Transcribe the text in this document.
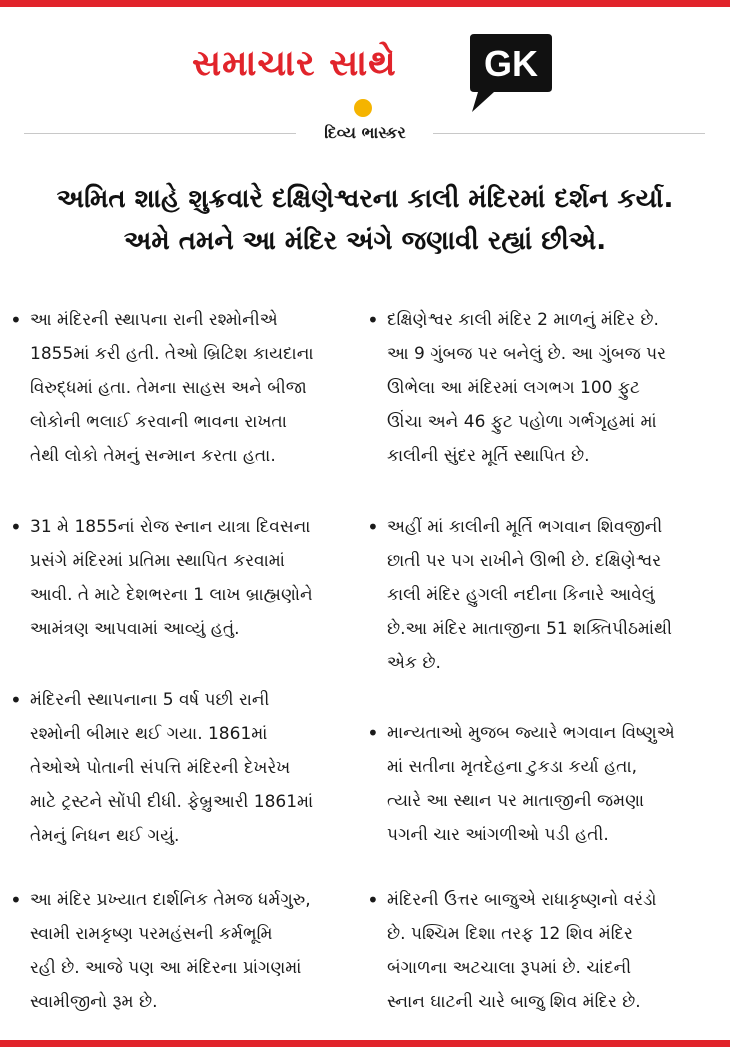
સમાચાર સાથે	GK
દિવ્ય ભાસ્કર
અમિત શાહે શુક્રવારે દક્ષિણેશ્વરના કાલી મંદિરમાં દર્શન કર્યા.
અમે તમને આ મંદિર અંગે જણાવી રહ્યાં છીએ.
• આ મંદિરની સ્થાપના રાની રશ્મોનીએ
1855માં કરી હતી. તેઓ બ્રિટિશ કાયદાના
વિરુદ્ધમાં હતા. તેમના સાહસ અને બીજા
લોકોની ભલાઈ કરવાની ભાવના રાખતા
તેથી લોકો તેમનું સન્માન કરતા હતા.
• 31 મે 1855નાં રોજ સ્નાન યાત્રા દિવસના
પ્રસંગે મંદિરમાં પ્રતિમા સ્થાપિત કરવામાં
આવી. તે માટે દેશભરના 1 લાખ બ્રાહ્મણોને
આમંત્રણ આપવામાં આવ્યું હતું.
• મંદિરની સ્થાપનાના 5 વર્ષ પછી રાની
રશ્મોની બીમાર થઈ ગયા. 1861માં
તેઓએ પોતાની સંપત્તિ મંદિરની દેખરેખ
માટે ટ્રસ્ટને સોંપી દીધી. ફેબ્રુઆરી 1861માં
તેમનું નિધન થઈ ગયું.
• આ મંદિર પ્રખ્યાત દાર્શનિક તેમજ ધર્મગુરુ,
સ્વામી રામકૃષ્ણ પરમહંસની કર્મભૂમિ
રહી છે. આજે પણ આ મંદિરના પ્રાંગણમાં
સ્વામીજીનો રૂમ છે.
• દક્ષિણેશ્વર કાલી મંદિર 2 માળનું મંદિર છે.
આ 9 ગુંબજ પર બનેલું છે. આ ગુંબજ પર
ઊભેલા આ મંદિરમાં લગભગ 100 ફુટ
ઊંચા અને 46 ફુટ પહોળા ગર્ભગૃહમાં માં
કાલીની સુંદર મૂર્તિ સ્થાપિત છે.
• અહીં માં કાલીની મૂર્તિ ભગવાન શિવજીની
છાતી પર પગ રાખીને ઊભી છે. દક્ષિણેશ્વર
કાલી મંદિર હુગલી નદીના કિનારે આવેલું
છે.આ મંદિર માતાજીના 51 શક્તિપીઠમાંથી
એક છે.
• માન્યતાઓ મુજબ જ્યારે ભગવાન વિષ્ણુએ
માં સતીના મૃતદેહના ટુકડા કર્યા હતા,
ત્યારે આ સ્થાન પર માતાજીની જમણા
પગની ચાર આંગળીઓ પડી હતી.
• મંદિરની ઉત્તર બાજુએ રાધાકૃષ્ણનો વરંડો
છે. પશ્ચિમ દિશા તરફ 12 શિવ મંદિર
બંગાળના અટચાલા રૂપમાં છે. ચાંદની
સ્નાન ઘાટની ચારે બાજુ શિવ મંદિર છે.
